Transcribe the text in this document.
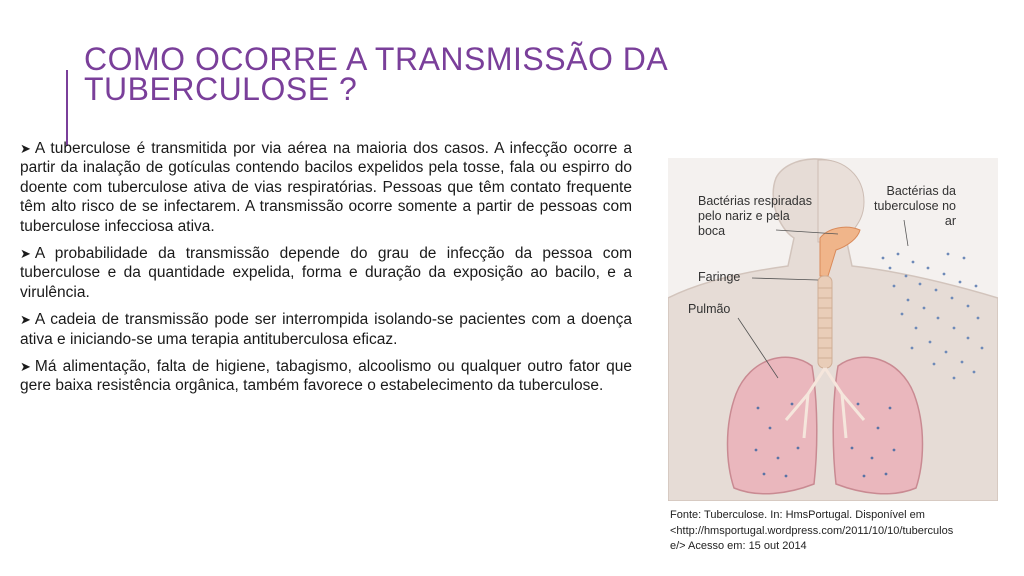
COMO OCORRE A TRANSMISSÃO DA
TUBERCULOSE ?

➤ A tuberculose é transmitida por via aérea na maioria dos casos. A infecção ocorre a partir da inalação de gotículas contendo bacilos expelidos pela tosse, fala ou espirro do doente com tuberculose ativa de vias respiratórias. Pessoas que têm contato frequente têm alto risco de se infectarem. A transmissão ocorre somente a partir de pessoas com tuberculose infecciosa ativa.

➤ A probabilidade da transmissão depende do grau de infecção da pessoa com tuberculose e da quantidade expelida, forma e duração da exposição ao bacilo, e a virulência.

➤ A cadeia de transmissão pode ser interrompida isolando-se pacientes com a doença ativa e iniciando-se uma terapia antituberculosa eficaz.

➤ Má alimentação, falta de higiene, tabagismo, alcoolismo ou qualquer outro fator que gere baixa resistência orgânica, também favorece o estabelecimento da tuberculose.

Bactérias respiradas
pelo nariz e pela
boca
Bactérias da
tuberculose no
ar
Faringe
Pulmão
Fonte: Tuberculose. In: HmsPortugal. Disponível em
<http://hmsportugal.wordpress.com/2011/10/10/tuberculos
e/> Acesso em: 15 out 2014
